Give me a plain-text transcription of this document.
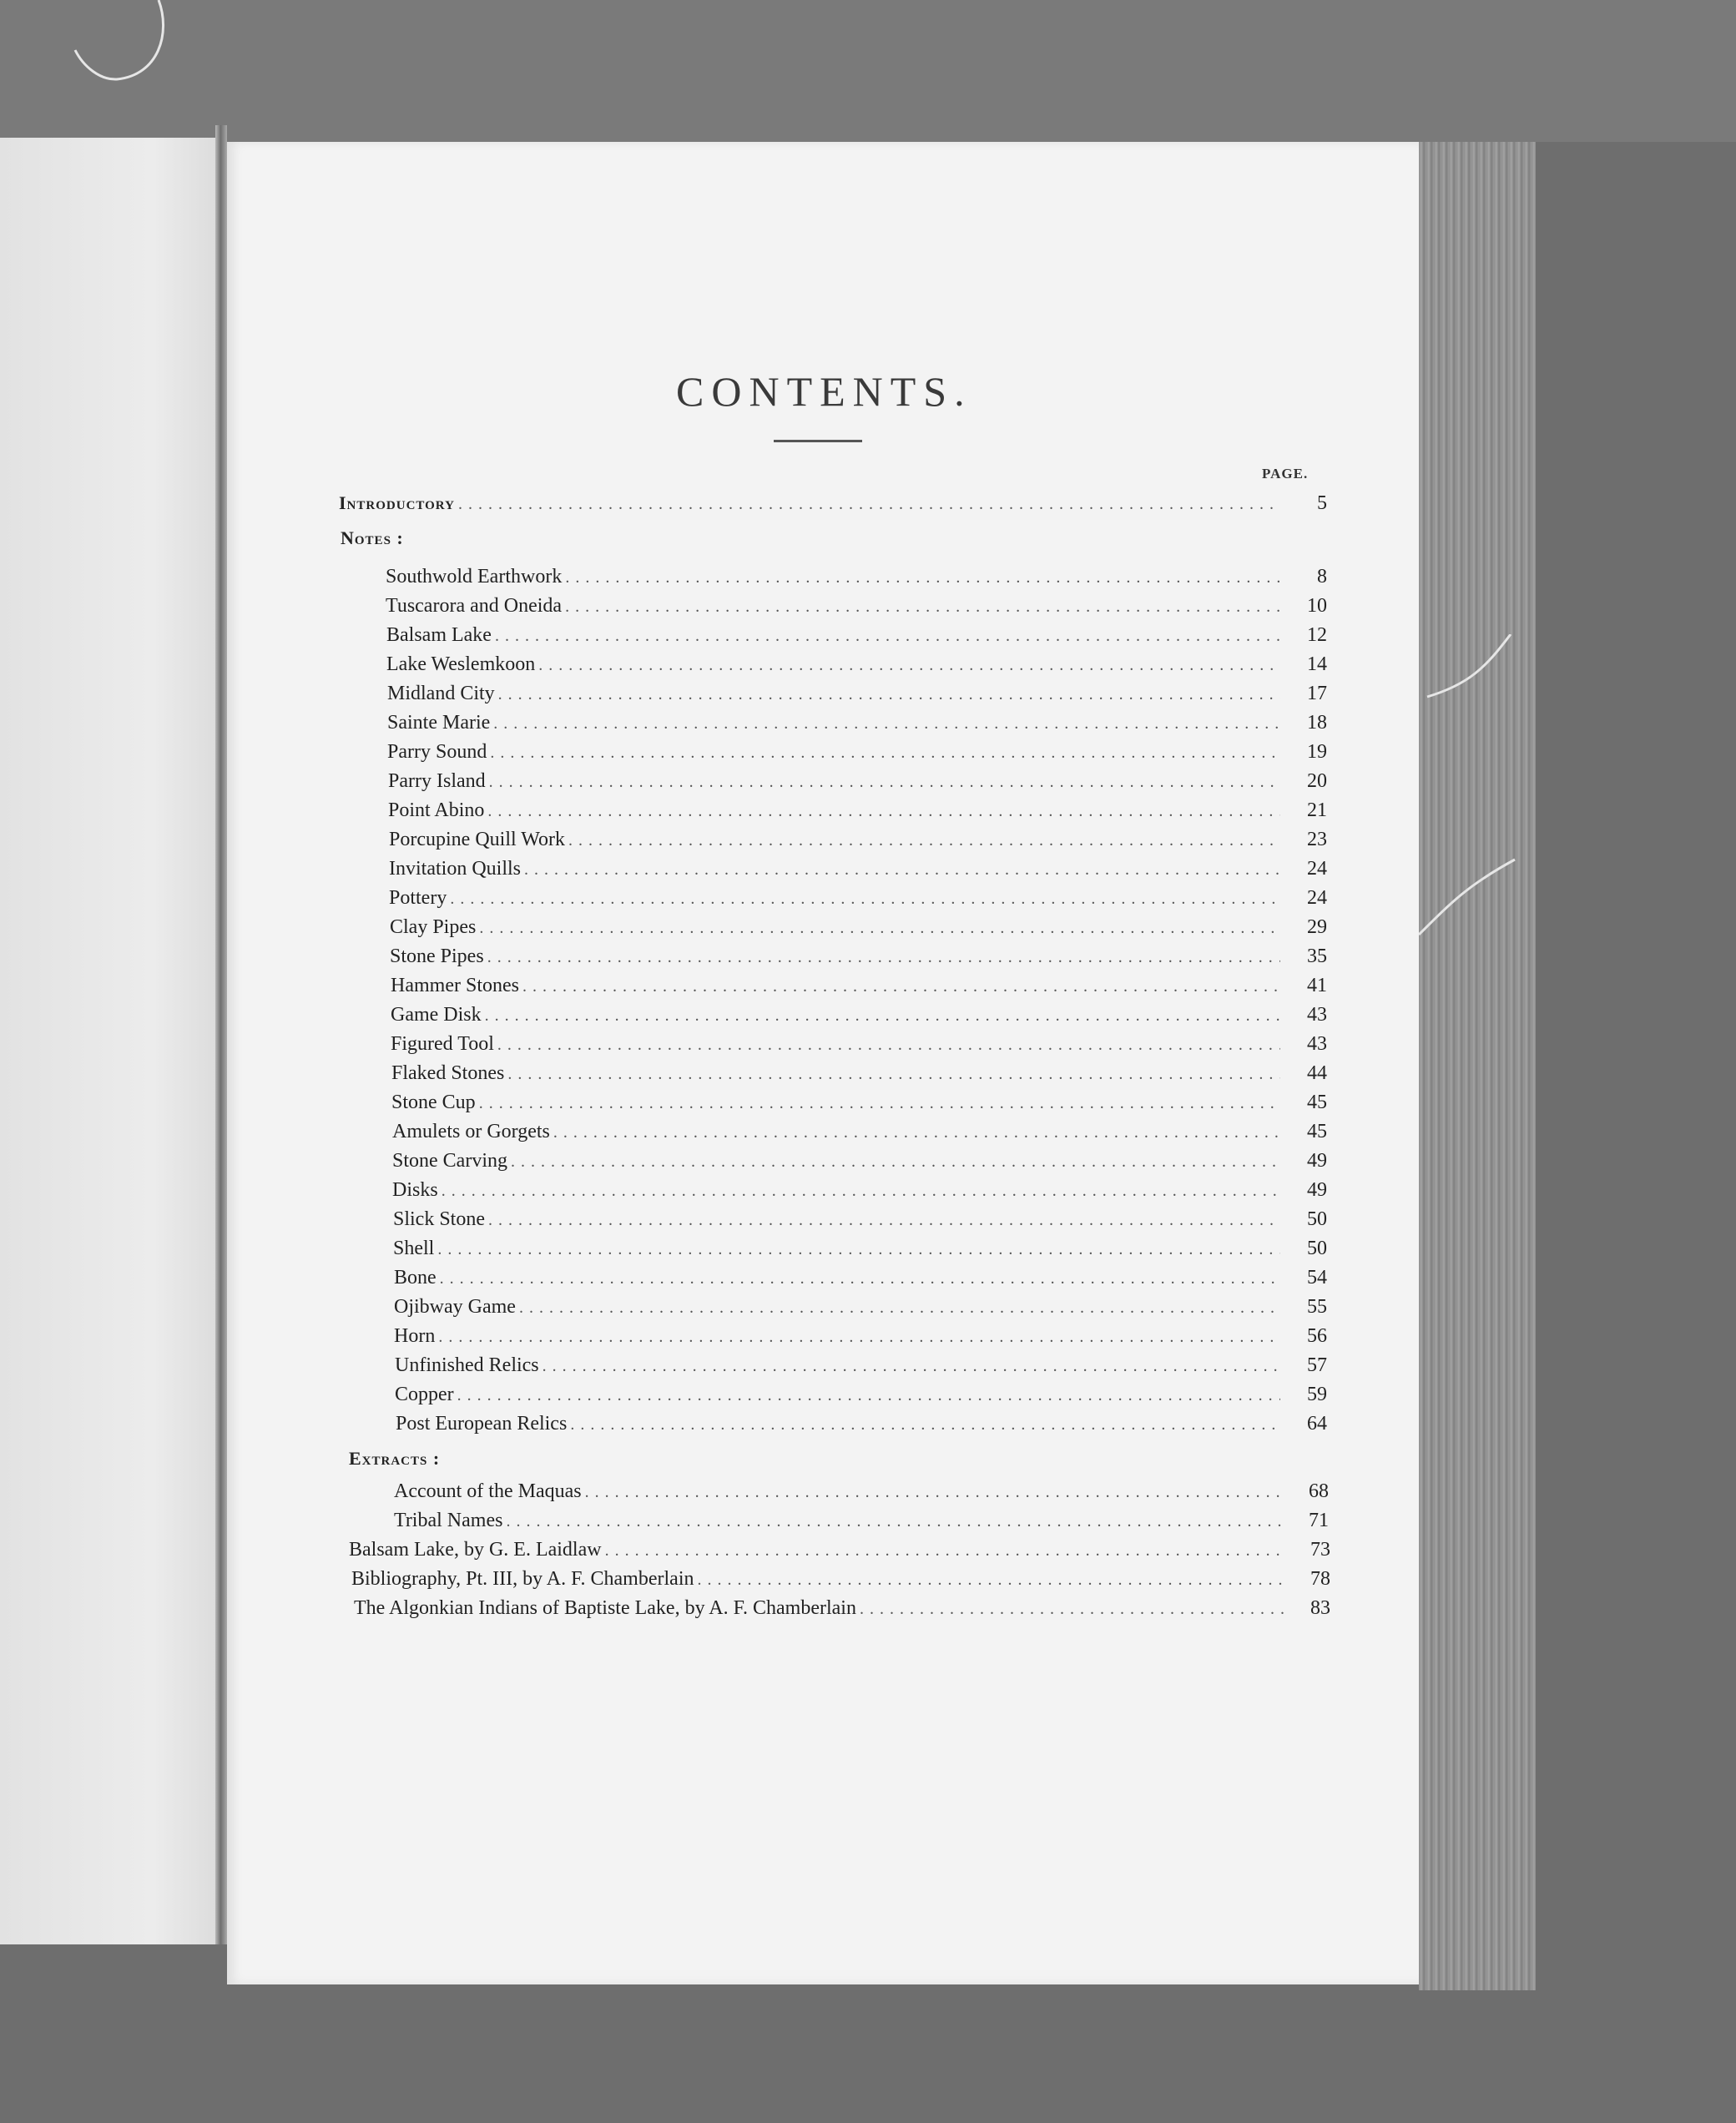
CONTENTS.
PAGE.
Introductory . . .	5
Notes :
Southwold Earthwork . . .	8
Tuscarora and Oneida . . .	10
Balsam Lake . . .	12
Lake Weslemkoon . . .	14
Midland City . . .	17
Sainte Marie . . .	18
Parry Sound . . .	19
Parry Island . . .	20
Point Abino . . .	21
Porcupine Quill Work . . .	23
Invitation Quills . . .	24
Pottery . . .	24
Clay Pipes . . .	29
Stone Pipes . . .	35
Hammer Stones . . .	41
Game Disk . . .	43
Figured Tool . . .	43
Flaked Stones . . .	44
Stone Cup . . .	45
Amulets or Gorgets . . .	45
Stone Carving . . .	49
Disks . . .	49
Slick Stone . . .	50
Shell . . .	50
Bone . . .	54
Ojibway Game . . .	55
Horn . . .	56
Unfinished Relics . . .	57
Copper . . .	59
Post European Relics . . .	64
Extracts :
Account of the Maquas . . .	68
Tribal Names . . .	71
Balsam Lake, by G. E. Laidlaw . . .	73
Bibliography, Pt. III, by A. F. Chamberlain . . .	78
The Algonkian Indians of Baptiste Lake, by A. F. Chamberlain . . .	83
